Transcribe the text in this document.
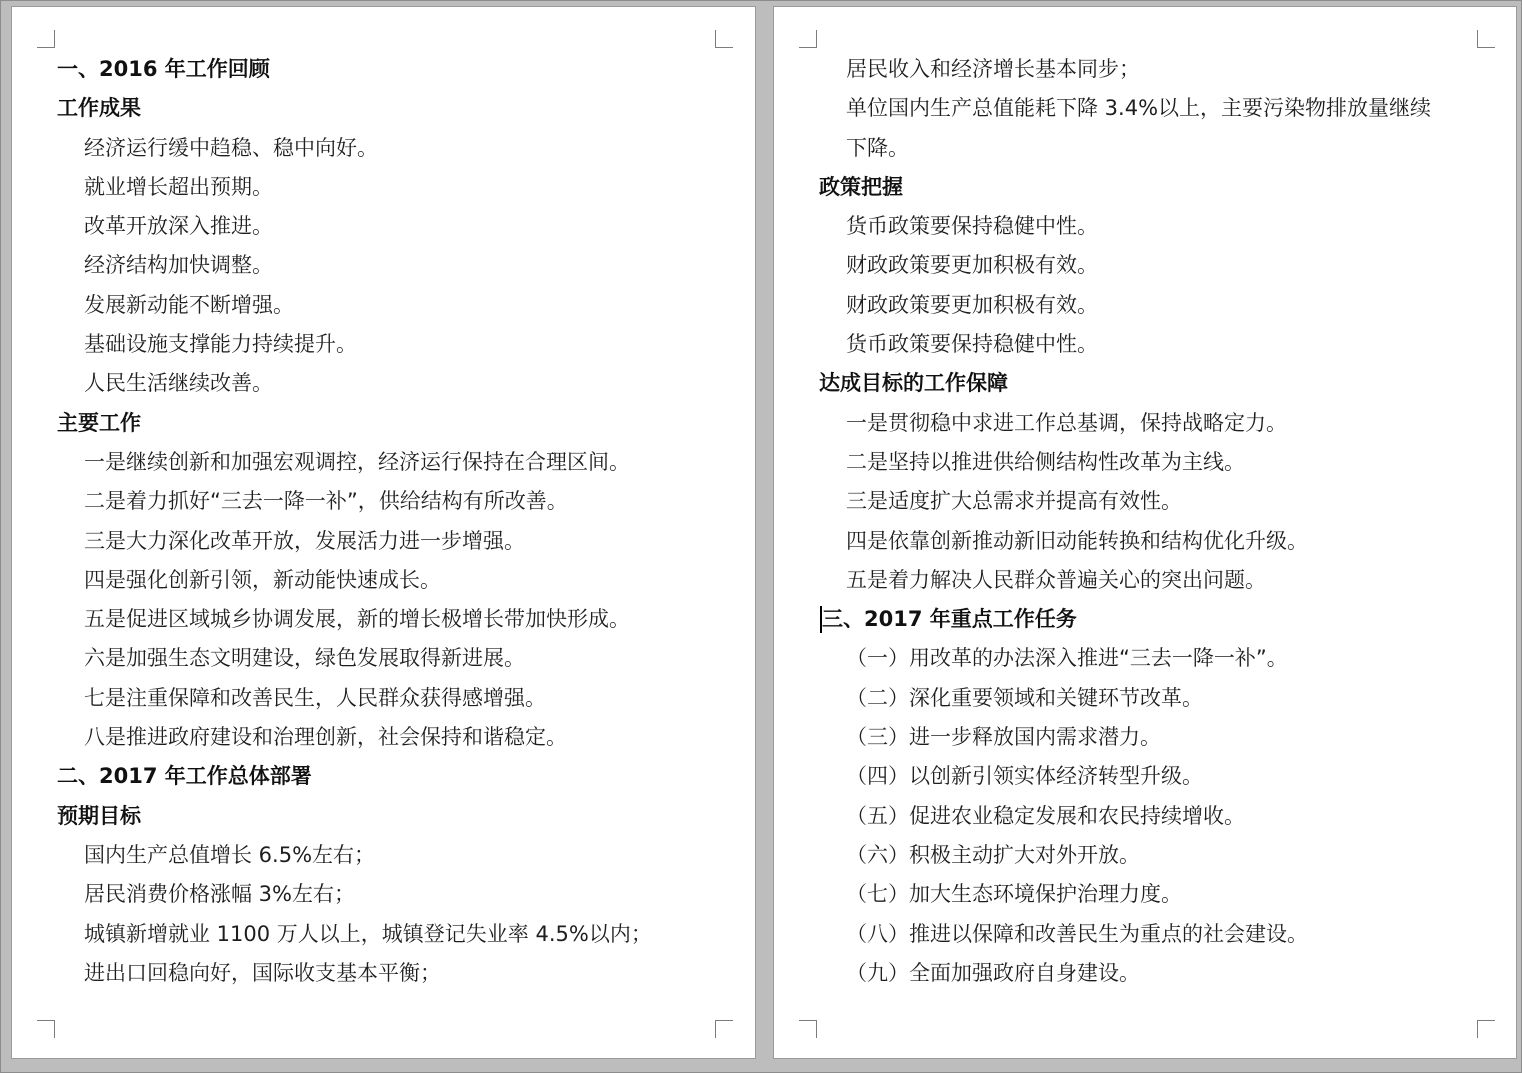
一、2016 年工作回顾
工作成果
经济运行缓中趋稳、稳中向好。
就业增长超出预期。
改革开放深入推进。
经济结构加快调整。
发展新动能不断增强。
基础设施支撑能力持续提升。
人民生活继续改善。
主要工作
一是继续创新和加强宏观调控，经济运行保持在合理区间。
二是着力抓好“三去一降一补”，供给结构有所改善。
三是大力深化改革开放，发展活力进一步增强。
四是强化创新引领，新动能快速成长。
五是促进区域城乡协调发展，新的增长极增长带加快形成。
六是加强生态文明建设，绿色发展取得新进展。
七是注重保障和改善民生，人民群众获得感增强。
八是推进政府建设和治理创新，社会保持和谐稳定。
二、2017 年工作总体部署
预期目标
国内生产总值增长 6.5%左右；
居民消费价格涨幅 3%左右；
城镇新增就业 1100 万人以上，城镇登记失业率 4.5%以内；
进出口回稳向好，国际收支基本平衡；
居民收入和经济增长基本同步；
单位国内生产总值能耗下降 3.4%以上，主要污染物排放量继续
下降。
政策把握
货币政策要保持稳健中性。
财政政策要更加积极有效。
财政政策要更加积极有效。
货币政策要保持稳健中性。
达成目标的工作保障
一是贯彻稳中求进工作总基调，保持战略定力。
二是坚持以推进供给侧结构性改革为主线。
三是适度扩大总需求并提高有效性。
四是依靠创新推动新旧动能转换和结构优化升级。
五是着力解决人民群众普遍关心的突出问题。
三、2017 年重点工作任务
（一）用改革的办法深入推进“三去一降一补”。
（二）深化重要领域和关键环节改革。
（三）进一步释放国内需求潜力。
（四）以创新引领实体经济转型升级。
（五）促进农业稳定发展和农民持续增收。
（六）积极主动扩大对外开放。
（七）加大生态环境保护治理力度。
（八）推进以保障和改善民生为重点的社会建设。
（九）全面加强政府自身建设。
